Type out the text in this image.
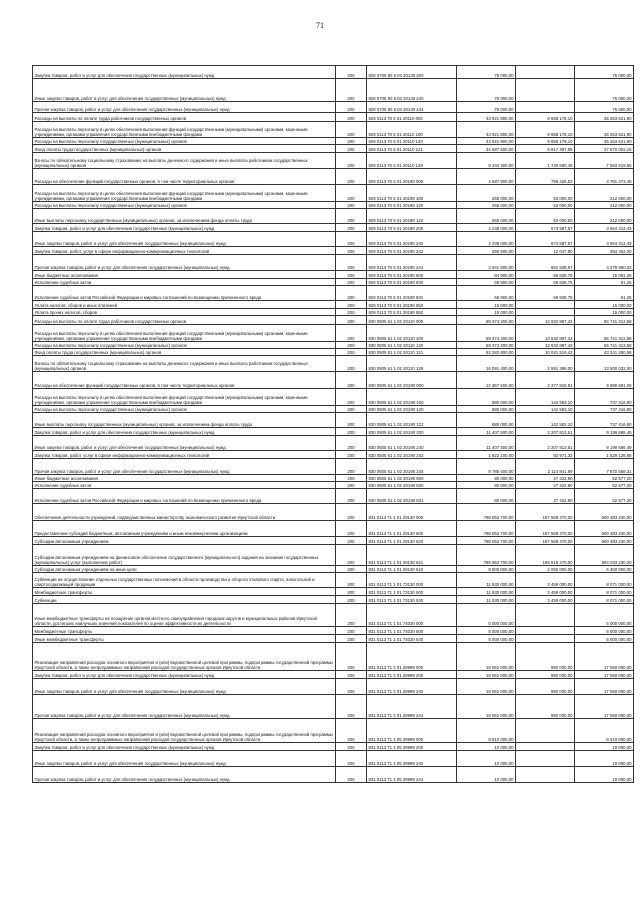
71
Закупка товаров, работ и услуг для обеспечения государственных (муниципальных) нужд	200	828 0705 90 6 03 20130 200	76 000,00		76 000,00
Иные закупки товаров, работ и услуг для обеспечения государственных (муниципальных) нужд	200	828 0705 90 6 03 20130 240	76 000,00		76 000,00
Прочая закупка товаров, работ и услуг для обеспечения государственных (муниципальных) нужд	200	828 0705 90 6 03 20130 244	76 000,00		76 000,00
Расходы на выплаты по оплате труда работников государственных органов	200	829 0113 70 5 01 20110 000	43 921 800,00	8 658 178,10	35 263 621,90
Расходы на выплаты персоналу в целях обеспечения выполнения функций государственными (муниципальными) органами, казенными учреждениями, органами управления государственными внебюджетными фондами	200	829 0113 70 5 01 20110 100	43 921 800,00	8 658 178,10	35 263 621,90
Расходы на выплаты персоналу государственных (муниципальных) органов	200	829 0113 70 5 01 20110 120	43 921 800,00	8 658 178,10	35 263 621,90
Фонд оплаты труда государственных (муниципальных) органов	200	829 0113 70 5 01 20110 121	34 587 500,00	6 917 497,85	27 670 002,15
Взносы по обязательному социальному страхованию на выплаты денежного содержания и иные выплаты работникам государственных (муниципальных) органов	200	829 0113 70 5 01 20110 129	9 334 300,00	1 740 680,45	7 593 619,55
Расходы на обеспечение функций государственных органов, в том числе территориальных органов	200	829 0113 70 5 01 20190 000	4 587 900,00	796 426,52	3 791 473,48
Расходы на выплаты персоналу в целях обеспечения выполнения функций государственными (муниципальными) органами, казенными учреждениями, органами управления государственными внебюджетными фондами	200	829 0113 70 5 01 20190 100	265 000,00	53 000,00	212 000,00
Расходы на выплаты персоналу государственных (муниципальных) органов	200	829 0113 70 5 01 20190 120	265 000,00	53 000,00	212 000,00
Иные выплаты персоналу государственных (муниципальных) органов, за исключением фонда оплаты труда	200	829 0113 70 5 01 20190 122	265 000,00	53 000,00	212 000,00
Закупка товаров, работ и услуг для обеспечения государственных (муниципальных) нужд	200	829 0113 70 5 01 20190 200	4 238 000,00	673 587,57	3 564 412,43
Иные закупки товаров, работ и услуг для обеспечения государственных (муниципальных) нужд	200	829 0113 70 5 01 20190 240	4 238 000,00	673 587,57	3 564 412,43
Закупка товаров, работ, услуг в сфере информационно-коммуникационных технологий	200	829 0113 70 5 01 20190 242	296 500,00	12 047,80	284 452,20
Прочая закупка товаров, работ и услуг для обеспечения государственных (муниципальных) нужд	200	829 0113 70 5 01 20190 244	3 941 500,00	661 539,67	3 279 960,33
Иные бюджетные ассигнования	200	829 0113 70 5 01 20190 800	84 900,00	69 838,75	15 061,25
Исполнение судебных актов	200	829 0113 70 5 01 20190 830	69 900,00	69 838,75	61,25
Исполнение судебных актов Российской Федерации и мировых соглашений по возмещению причиненного вреда	200	829 0113 70 5 01 20190 831	69 900,00	69 838,75	61,25
Уплата налогов, сборов и иных платежей	200	829 0113 70 5 01 20190 850	15 000,00		15 000,00
Уплата прочих налогов, сборов	200	829 0113 70 5 01 20190 852	15 000,00		15 000,00
Расходы на выплаты по оплате труда работников государственных органов	200	830 0505 61 1 02 20110 000	69 374 200,00	12 632 887,42	56 741 312,58
Расходы на выплаты персоналу в целях обеспечения выполнения функций государственными (муниципальными) органами, казенными учреждениями, органами управления государственными внебюджетными фондами	200	830 0505 61 1 02 20110 100	69 374 200,00	12 632 887,42	56 741 312,58
Расходы на выплаты персоналу государственных (муниципальных) органов	200	830 0505 61 1 02 20110 120	69 374 200,00	12 632 887,42	56 741 312,58
Фонд оплаты труда государственных (муниципальных) органов	200	830 0505 61 1 02 20110 121	53 282 800,00	10 041 519,42	43 241 280,58
Взносы по обязательному социальному страхованию на выплаты денежного содержания и иные выплаты работникам государственных (муниципальных) органов	200	830 0505 61 1 02 20110 129	16 091 400,00	2 591 368,00	13 500 032,00
Расходы на обеспечение функций государственных органов, в том числе территориальных органов	200	830 0505 61 1 02 20190 000	12 367 500,00	2 377 818,91	9 989 681,09
Расходы на выплаты персоналу в целях обеспечения выполнения функций государственными (муниципальными) органами, казенными учреждениями, органами управления государственными внебюджетными фондами	200	830 0505 61 1 02 20190 100	880 000,00	142 583,10	737 416,90
Расходы на выплаты персоналу государственных (муниципальных) органов	200	830 0505 61 1 02 20190 120	880 000,00	142 583,10	737 416,90
Иные выплаты персоналу государственных (муниципальных) органов, за исключением фонда оплаты труда	200	830 0505 61 1 02 20190 122	880 000,00	142 583,10	737 416,90
Закупка товаров, работ и услуг для обеспечения государственных (муниципальных) нужд	200	830 0505 61 1 02 20190 200	11 407 500,00	2 207 813,51	9 199 686,49
Иные закупки товаров, работ и услуг для обеспечения государственных (муниципальных) нужд	200	830 0505 61 1 02 20190 240	11 407 500,00	2 207 813,51	9 199 686,49
Закупка товаров, работ, услуг в сфере информационно-коммуникационных технологий	200	830 0505 61 1 02 20190 242	1 622 100,00	92 971,32	1 529 128,68
Прочая закупка товаров, работ и услуг для обеспечения государственных (муниципальных) нужд	200	830 0505 61 1 02 20190 244	9 785 400,00	2 114 841,69	7 670 558,31
Иные бюджетные ассигнования	200	830 0505 61 1 02 20190 800	80 000,00	27 422,80	52 577,20
Исполнение судебных актов	200	830 0505 61 1 02 20190 830	80 000,00	27 422,80	52 577,20
Исполнение судебных актов Российской Федерации и мировых соглашений по возмещению причиненного вреда	200	830 0505 61 1 02 20190 831	80 000,00	27 422,80	52 577,20
Обеспечение деятельности учреждений, подведомственных министерству экономического развития Иркутской области	200	831 0113 71 1 01 29130 000	798 052 700,00	197 569 470,00	600 483 230,00
Предоставление субсидий бюджетным, автономным учреждениям и иным некоммерческим организациям	200	831 0113 71 1 01 29130 600	798 052 700,00	197 569 470,00	600 483 230,00
Субсидии автономным учреждениям	200	831 0113 71 1 01 29130 620	798 052 700,00	197 569 470,00	600 483 230,00
Субсидии автономным учреждениям на финансовое обеспечение государственного (муниципального) задания на оказание государственных (муниципальных) услуг (выполнение работ)	200	831 0113 71 1 01 29130 621	789 552 700,00	195 519 470,00	594 033 230,00
Субсидии автономным учреждениям на иные цели	200	831 0113 71 1 01 29130 622	8 500 000,00	2 050 000,00	6 450 000,00
Субвенции на осуществление отдельных государственных полномочий в области производства и оборота этилового спирта, алкогольной и спиртосодержащей продукции	200	831 0113 71 1 01 73130 000	11 530 000,00	3 459 000,00	8 071 000,00
Межбюджетные трансферты	200	831 0113 71 1 01 73130 500	11 530 000,00	3 459 000,00	8 071 000,00
Субвенции	200	831 0113 71 1 01 73130 530	11 530 000,00	3 459 000,00	8 071 000,00
Иные межбюджетные трансферты на поощрение органов местного самоуправления городских округов и муниципальных районов Иркутской области, достигших наилучших значений показателей по оценке эффективности их деятельности	200	831 0113 71 1 01 74030 000	5 000 000,00		5 000 000,00
Межбюджетные трансферты	200	831 0113 71 1 01 74030 500	5 000 000,00		5 000 000,00
Иные межбюджетные трансферты	200	831 0113 71 1 01 74030 540	5 000 000,00		5 000 000,00
Реализация направлений расходов основного мероприятия и (или) ведомственной целевой программы, подпрограммы государственной программы Иркутской области, а также непрограммных направлений расходов государственных органов Иркутской области	200	831 0113 71 2 01 29999 000	18 052 000,00	992 000,00	17 060 000,00
Закупка товаров, работ и услуг для обеспечения государственных (муниципальных) нужд	200	831 0113 71 2 01 29999 200	18 052 000,00	992 000,00	17 060 000,00
Иные закупки товаров, работ и услуг для обеспечения государственных (муниципальных) нужд	200	831 0113 71 2 01 29999 240	18 052 000,00	992 000,00	17 060 000,00
Прочая закупка товаров, работ и услуг для обеспечения государственных (муниципальных) нужд	200	831 0113 71 2 01 29999 244	18 052 000,00	992 000,00	17 060 000,00
Реализация направлений расходов основного мероприятия и (или) ведомственной целевой программы, подпрограммы государственной программы Иркутской области, а также непрограммных направлений расходов государственных органов Иркутской области	200	831 0113 71 4 05 29999 000	8 510 000,00		8 510 000,00
Закупка товаров, работ и услуг для обеспечения государственных (муниципальных) нужд	200	831 0113 71 4 05 29999 200	10 000,00		10 000,00
Иные закупки товаров, работ и услуг для обеспечения государственных (муниципальных) нужд	200	831 0113 71 4 05 29999 240	10 000,00		10 000,00
Прочая закупка товаров, работ и услуг для обеспечения государственных (муниципальных) нужд	200	831 0113 71 4 05 29999 244	10 000,00		10 000,00
